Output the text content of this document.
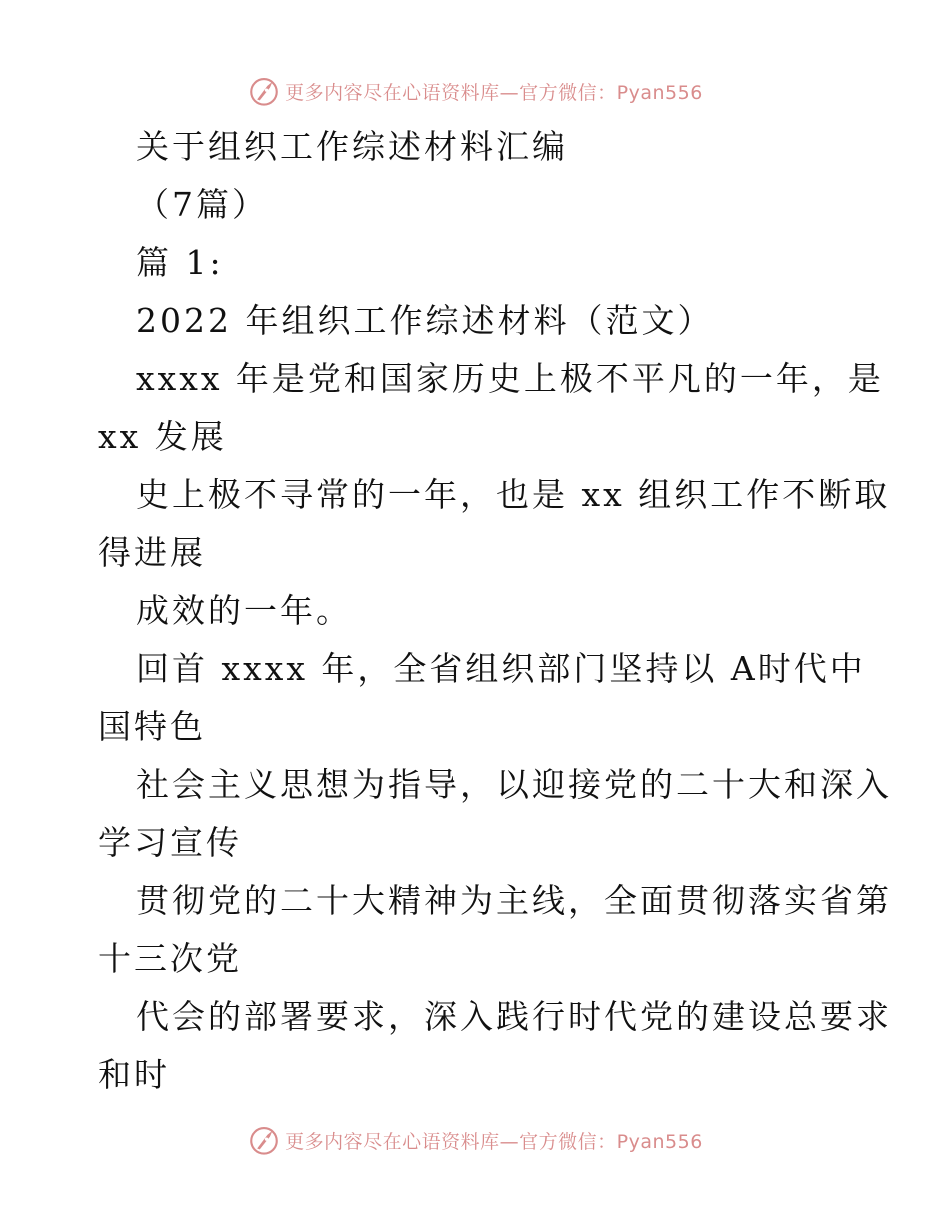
更多内容尽在心语资料库—官方微信：Pyan556
关于组织工作综述材料汇编
（7篇）
篇 1:
2022 年组织工作综述材料（范文）
xxxx 年是党和国家历史上极不平凡的一年，是
xx 发展
史上极不寻常的一年，也是 xx 组织工作不断取
得进展
成效的一年。
回首 xxxx 年，全省组织部门坚持以 A时代中
国特色
社会主义思想为指导，以迎接党的二十大和深入
学习宣传
贯彻党的二十大精神为主线，全面贯彻落实省第
十三次党
代会的部署要求，深入践行时代党的建设总要求
和时
更多内容尽在心语资料库—官方微信：Pyan556
